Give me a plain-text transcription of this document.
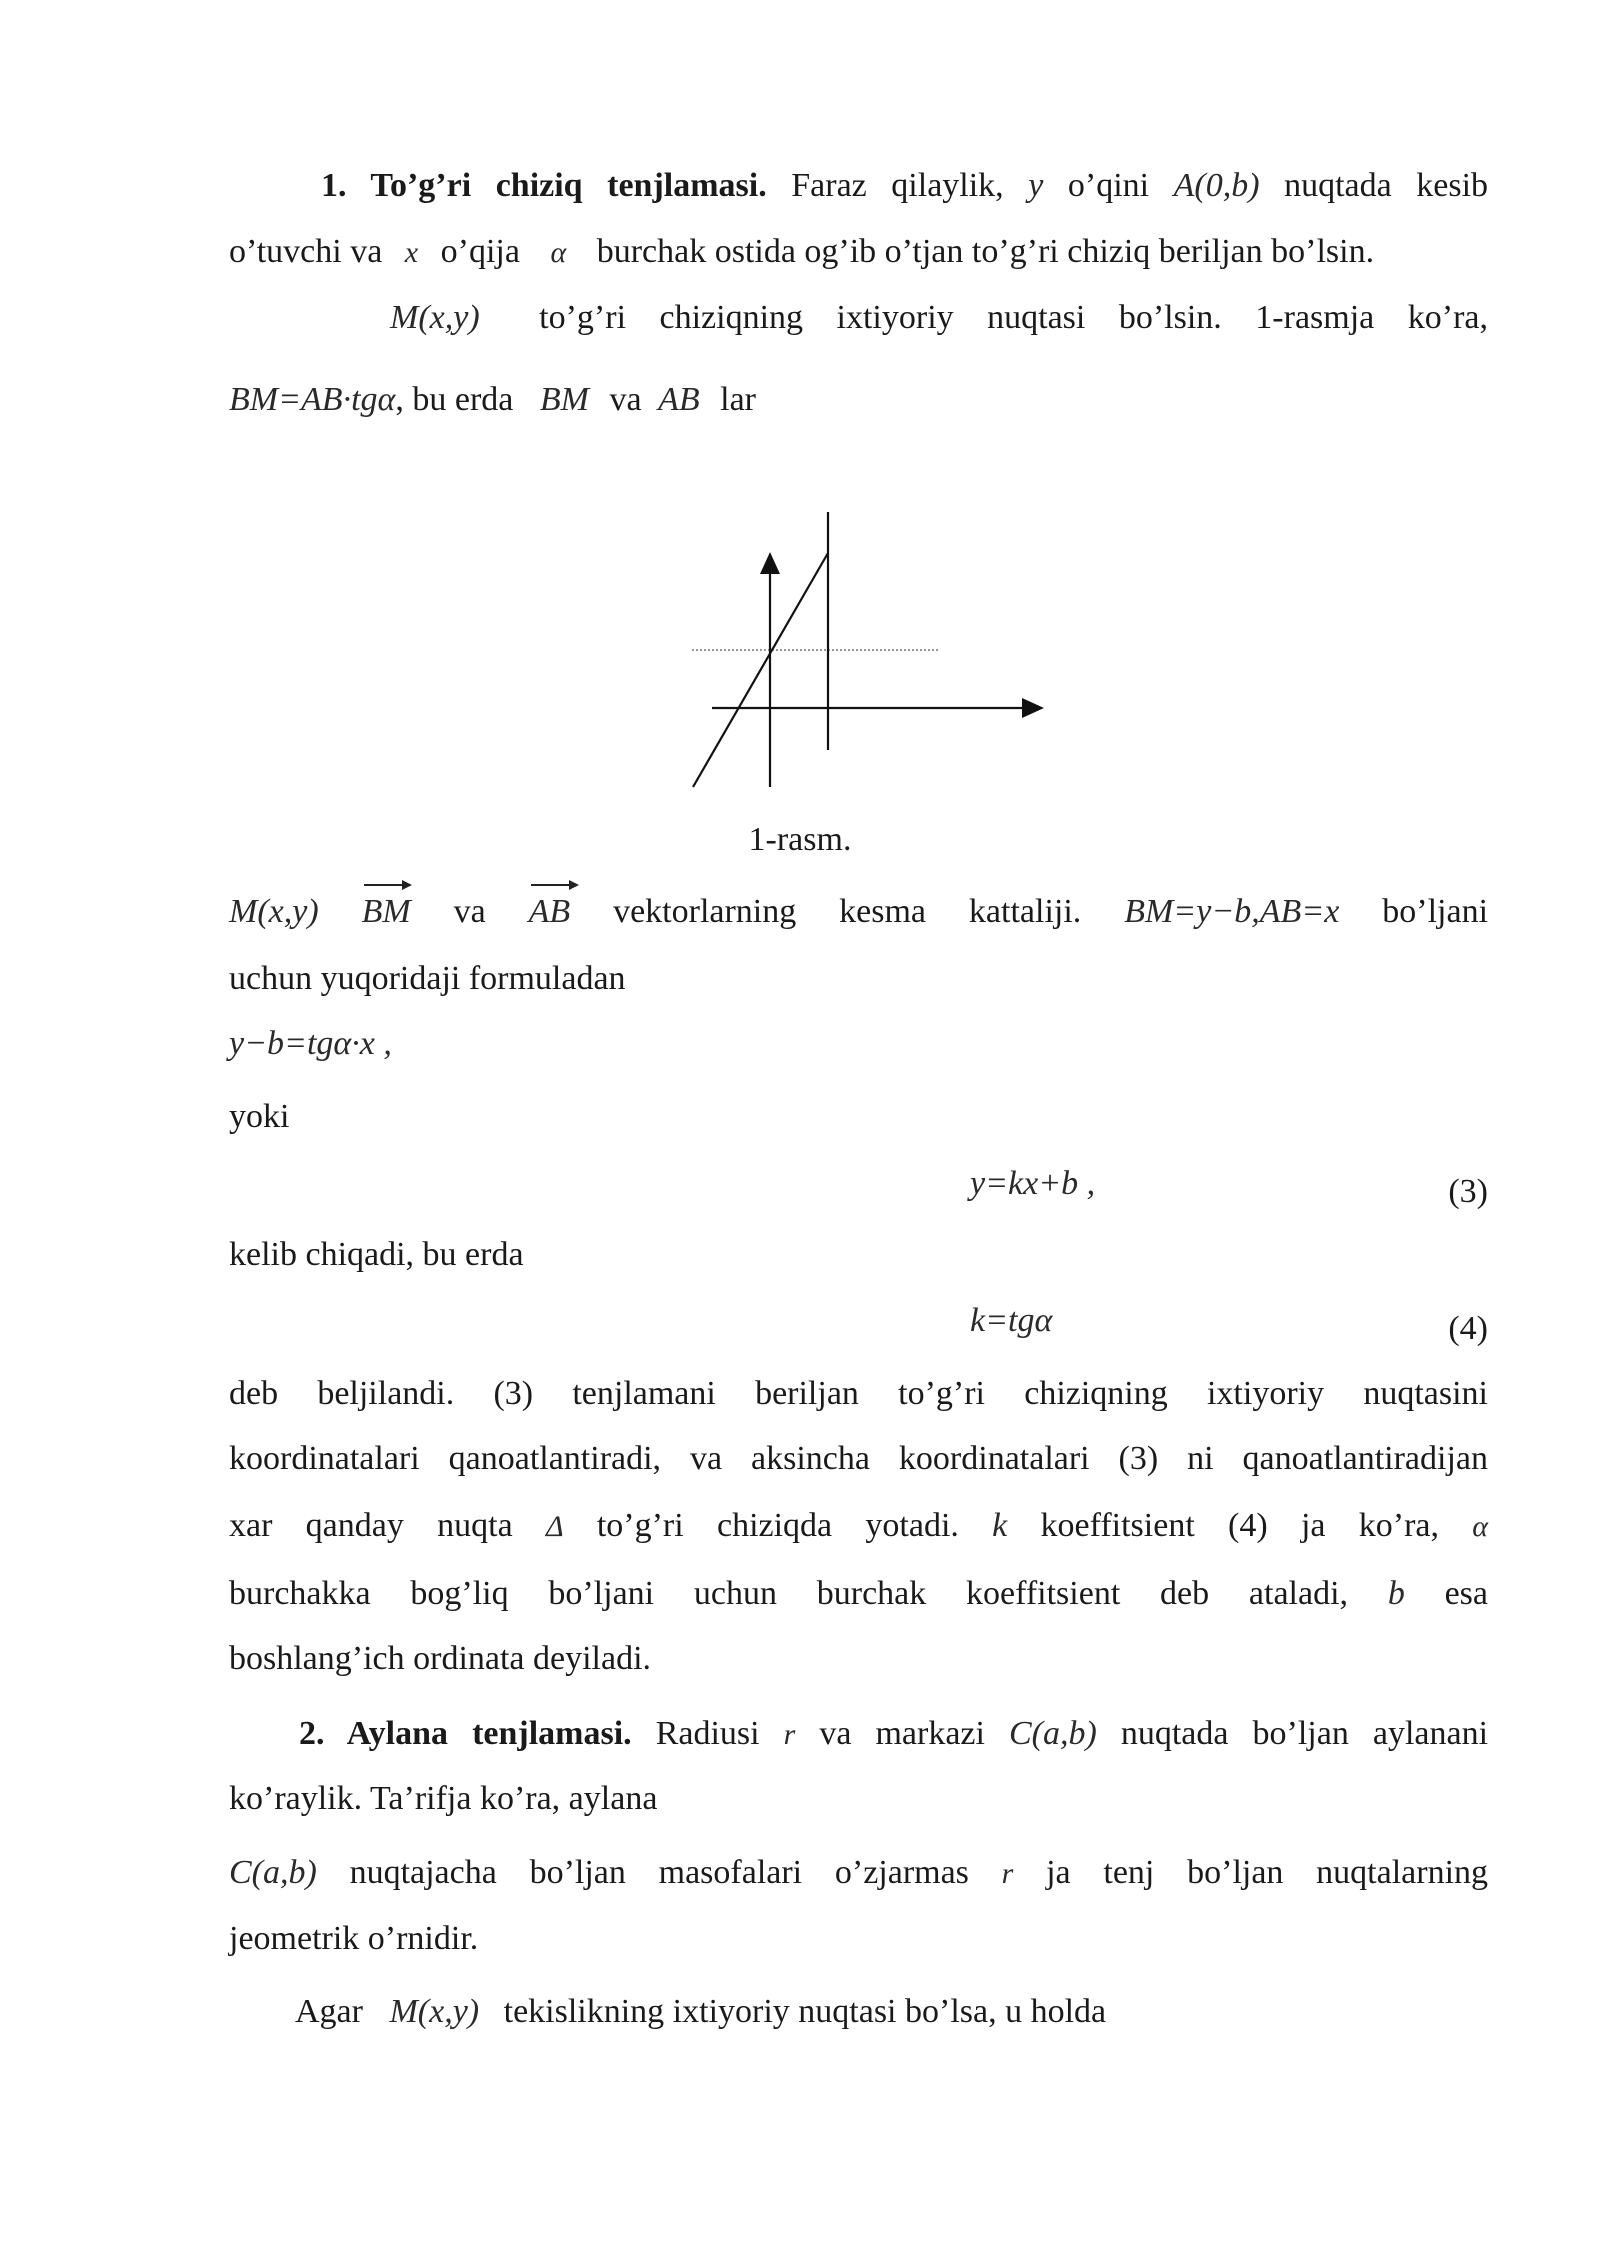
1. To’g’ri chiziq tenjlamasi. Faraz qilaylik, y o’qini A(0,b) nuqtada kesib
o’tuvchi va x o’qija α burchak ostida og’ib o’tjan to’g’ri chiziq beriljan bo’lsin.
M(x,y) to’g’ri chiziqning ixtiyoriy nuqtasi bo’lsin. 1-rasmja ko’ra,
BM=AB·tgα, bu erda BM va AB lar
1-rasm.
M(x,y) BM va AB vektorlarning kesma kattaliji. BM=y−b,AB=x bo’ljani
uchun yuqoridaji formuladan
y−b=tgα·x ,
yoki
y=kx+b ,	(3)
kelib chiqadi, bu erda
k=tgα	(4)
deb beljilandi. (3) tenjlamani beriljan to’g’ri chiziqning ixtiyoriy nuqtasini
koordinatalari qanoatlantiradi, va aksincha koordinatalari (3) ni qanoatlantiradijan
xar qanday nuqta Δ to’g’ri chiziqda yotadi. k koeffitsient (4) ja ko’ra, α
burchakka bog’liq bo’ljani uchun burchak koeffitsient deb ataladi, b esa
boshlang’ich ordinata deyiladi.
2. Aylana tenjlamasi. Radiusi r va markazi C(a,b) nuqtada bo’ljan aylanani
ko’raylik. Ta’rifja ko’ra, aylana
C(a,b) nuqtajacha bo’ljan masofalari o’zjarmas r ja tenj bo’ljan nuqtalarning
jeometrik o’rnidir.
Agar M(x,y) tekislikning ixtiyoriy nuqtasi bo’lsa, u holda
